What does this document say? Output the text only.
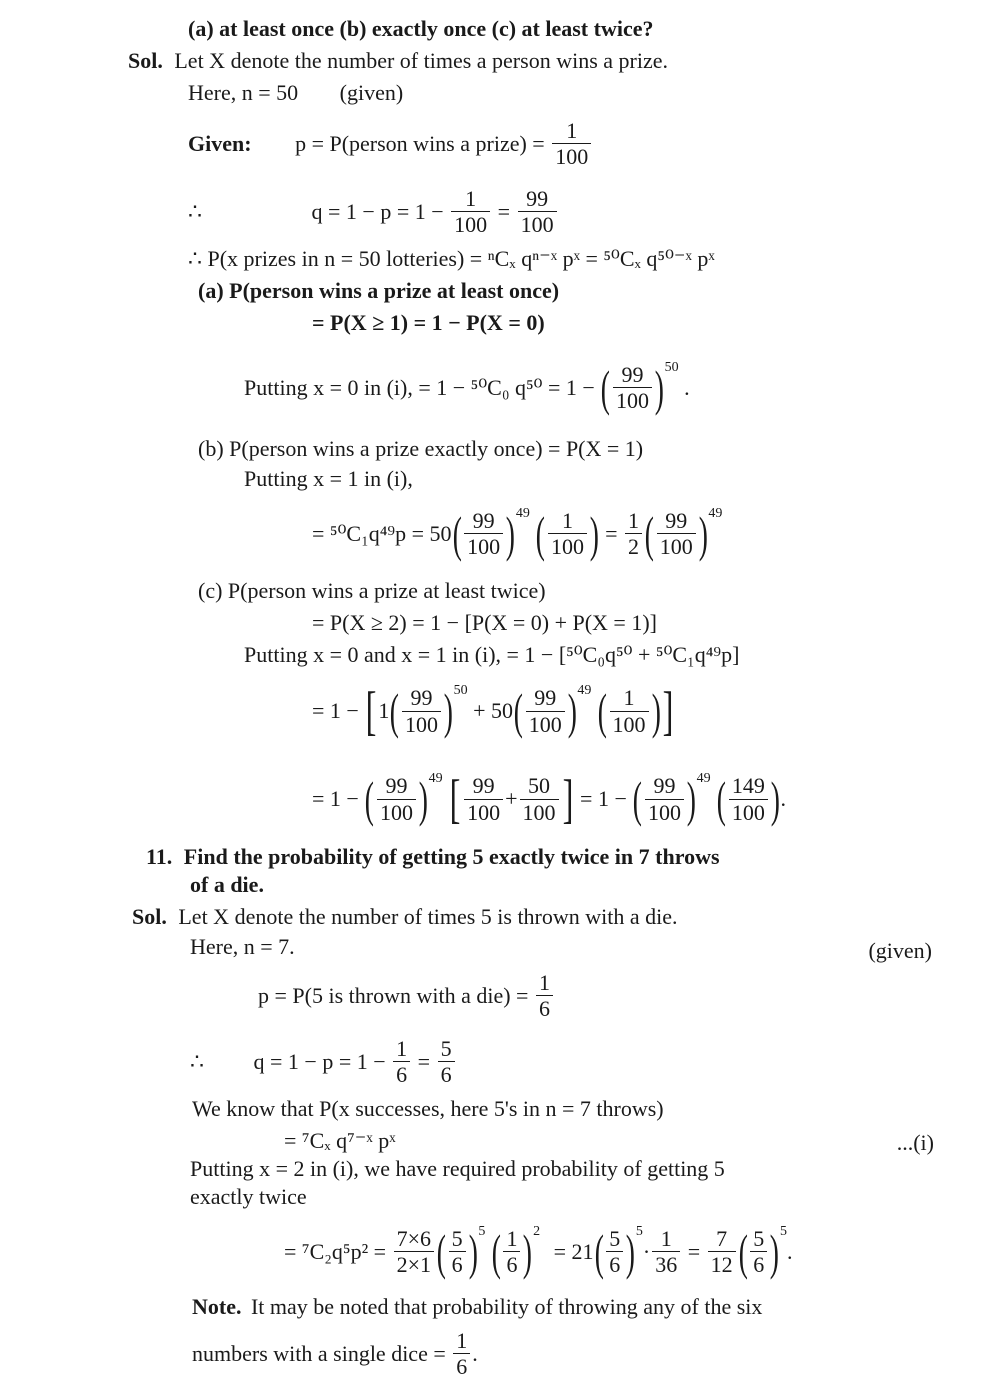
(a) at least once (b) exactly once (c) at least twice?
Sol. Let X denote the number of times a person wins a prize.
Here, n = 50 (given)
Given: p = P(person wins a prize) = $\frac{1}{100}$
∴	$q = 1 - p = 1 - \frac{1}{100} = \frac{99}{100}$
∴ P(x prizes in n = 50 lotteries) = ⁿCₓ qⁿ⁻ˣ pˣ = ⁵⁰Cₓ q⁵⁰⁻ˣ pˣ
(a) P(person wins a prize at least once)
= P(X ≥ 1) = 1 − P(X = 0)
Putting x = 0 in (i), = 1 − ⁵⁰C₀ q⁵⁰ = 1 − ( $\frac{99}{100} )^{50}$ .
(b) P(person wins a prize exactly once) = P(X = 1)
Putting x = 1 in (i),
= $^{50}C_1q^{49}p = 50( \frac{99}{100} )^{49}$ ( $\frac{1}{100}$ ) = $\frac{1}{2}$ ( $\frac{99}{100} )^{49}$
(c) P(person wins a prize at least twice)
= P(X ≥ 2) = 1 − [P(X = 0) + P(X = 1)]
Putting x = 0 and x = 1 in (i), = 1 − [⁵⁰C₀q⁵⁰ + ⁵⁰C₁q⁴⁹p]
= $1 - [1( \frac{99}{100} )^{50} + 50( \frac{99}{100} )^{49}$ ( $\frac{1}{100}$ )]
= 1 − ( $\frac{99}{100} )^{49}$ [ $\frac{99}{100} + \frac{50}{100}$ ] = 1 − ( $\frac{99}{100} )^{49}$ ( $\frac{149}{100}$ ).
11. Find the probability of getting 5 exactly twice in 7 throws
of a die.
Sol. Let X denote the number of times 5 is thrown with a die.
Here, n = 7.	(given)
p = P(5 is thrown with a $die) = \frac{1}{6}$
∴ $q = 1 - p = 1 - \frac{1}{6} = \frac{5}{6}$
We know that P(x successes, here 5's in n = 7 throws)
= ⁷Cₓ q⁷⁻ˣ pˣ	...(i)
Putting x = 2 in (i), we have required probability of getting 5
exactly twice
= $^7C_2q^5p^2 = \frac{7\times 6}{2\times 1}$ ( $\frac{5}{6} )^5$ ( $\frac{1}{6} )^2 = 21( \frac{5}{6} )^5\cdot \frac{1}{36} = \frac{7}{12}$ ( $\frac{5}{6} )^5$.
Note. It may be noted that probability of throwing any of the six
numbers with a single dice = $\frac{1}{6}$ .
